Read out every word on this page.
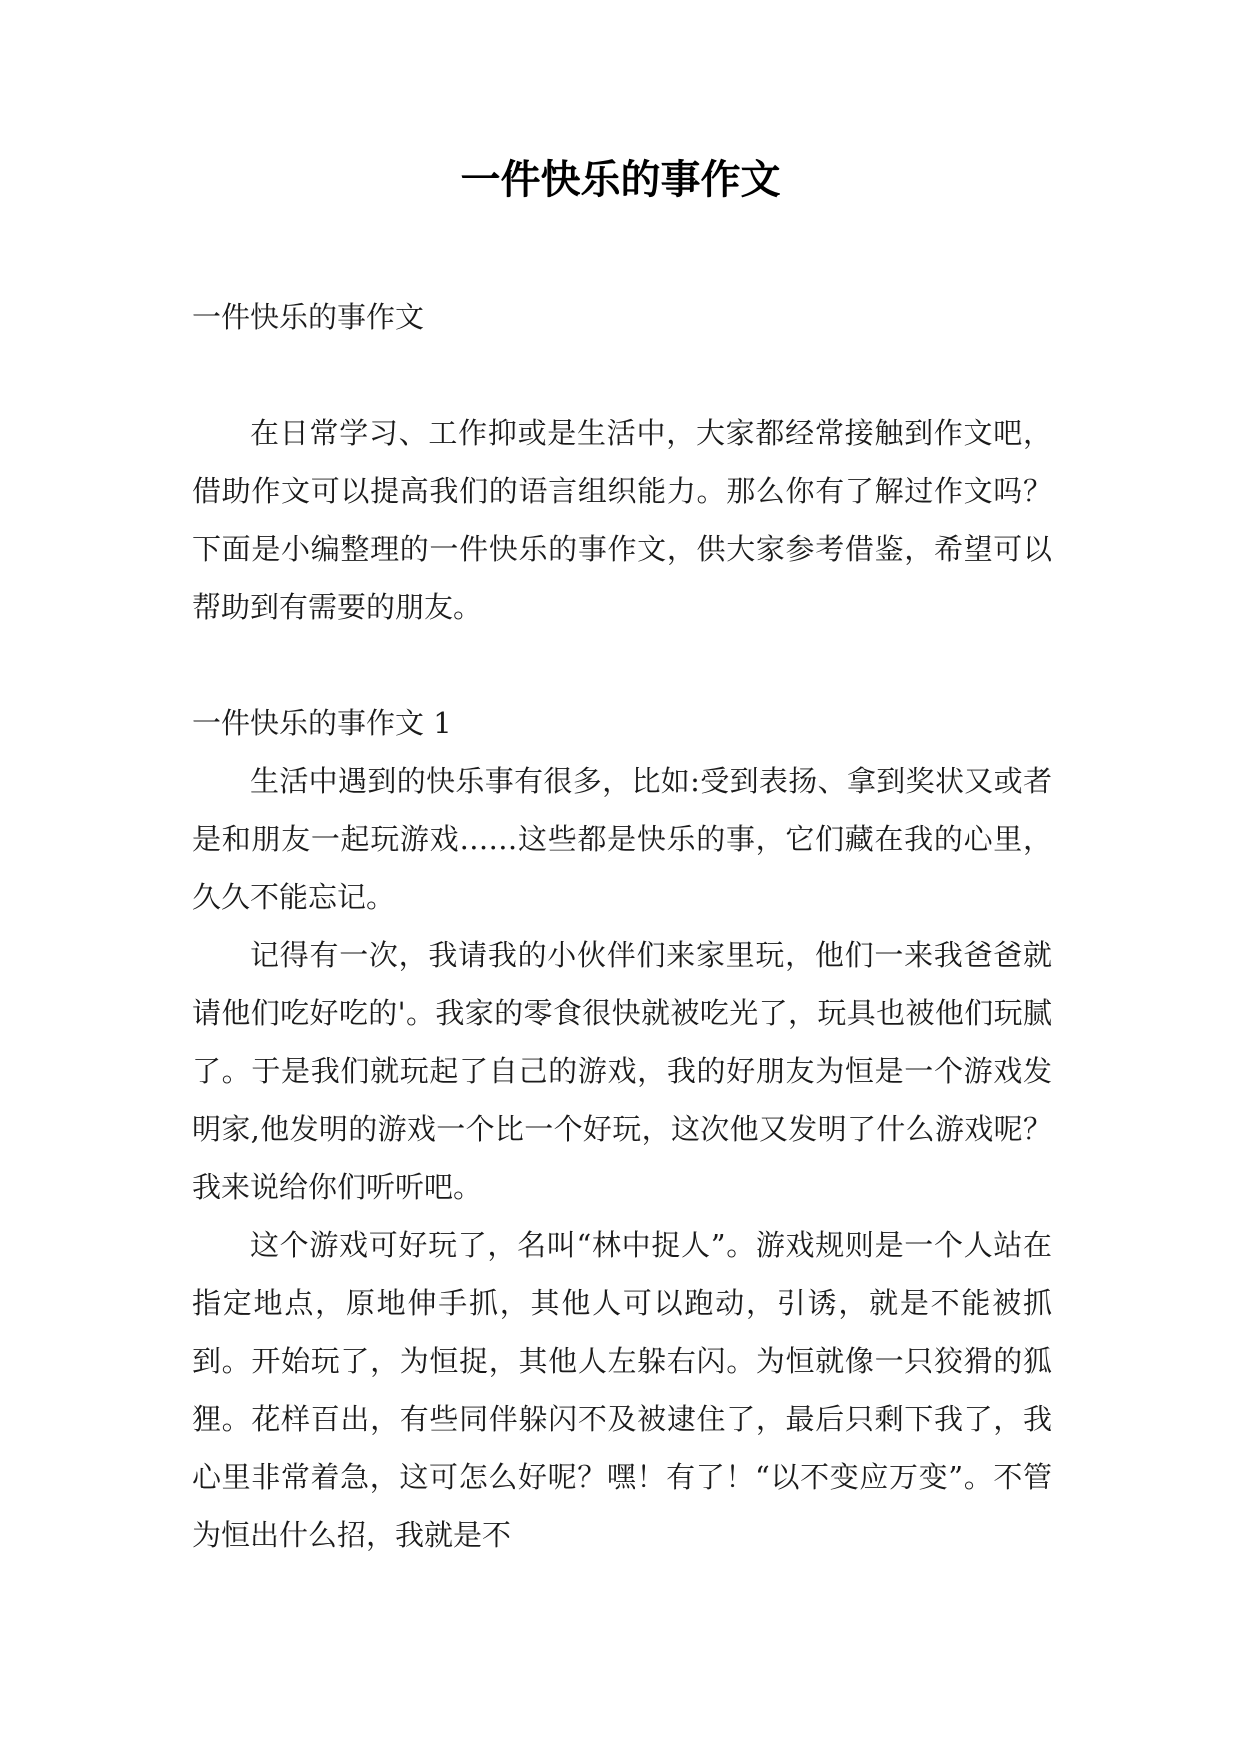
一件快乐的事作文

一件快乐的事作文

在日常学习、工作抑或是生活中，大家都经常接触到作文吧，借助作文可以提高我们的语言组织能力。那么你有了解过作文吗？下面是小编整理的一件快乐的事作文，供大家参考借鉴，希望可以帮助到有需要的朋友。

一件快乐的事作文 1

生活中遇到的快乐事有很多，比如:受到表扬、拿到奖状又或者是和朋友一起玩游戏……这些都是快乐的事，它们藏在我的心里，久久不能忘记。

记得有一次，我请我的小伙伴们来家里玩，他们一来我爸爸就请他们吃好吃的'。我家的零食很快就被吃光了，玩具也被他们玩腻了。于是我们就玩起了自己的游戏，我的好朋友为恒是一个游戏发明家,他发明的游戏一个比一个好玩，这次他又发明了什么游戏呢？我来说给你们听听吧。

这个游戏可好玩了，名叫“林中捉人”。游戏规则是一个人站在指定地点，原地伸手抓，其他人可以跑动，引诱，就是不能被抓到。开始玩了，为恒捉，其他人左躲右闪。为恒就像一只狡猾的狐狸。花样百出，有些同伴躲闪不及被逮住了，最后只剩下我了，我心里非常着急，这可怎么好呢？嘿！有了！“以不变应万变”。不管为恒出什么招，我就是不
